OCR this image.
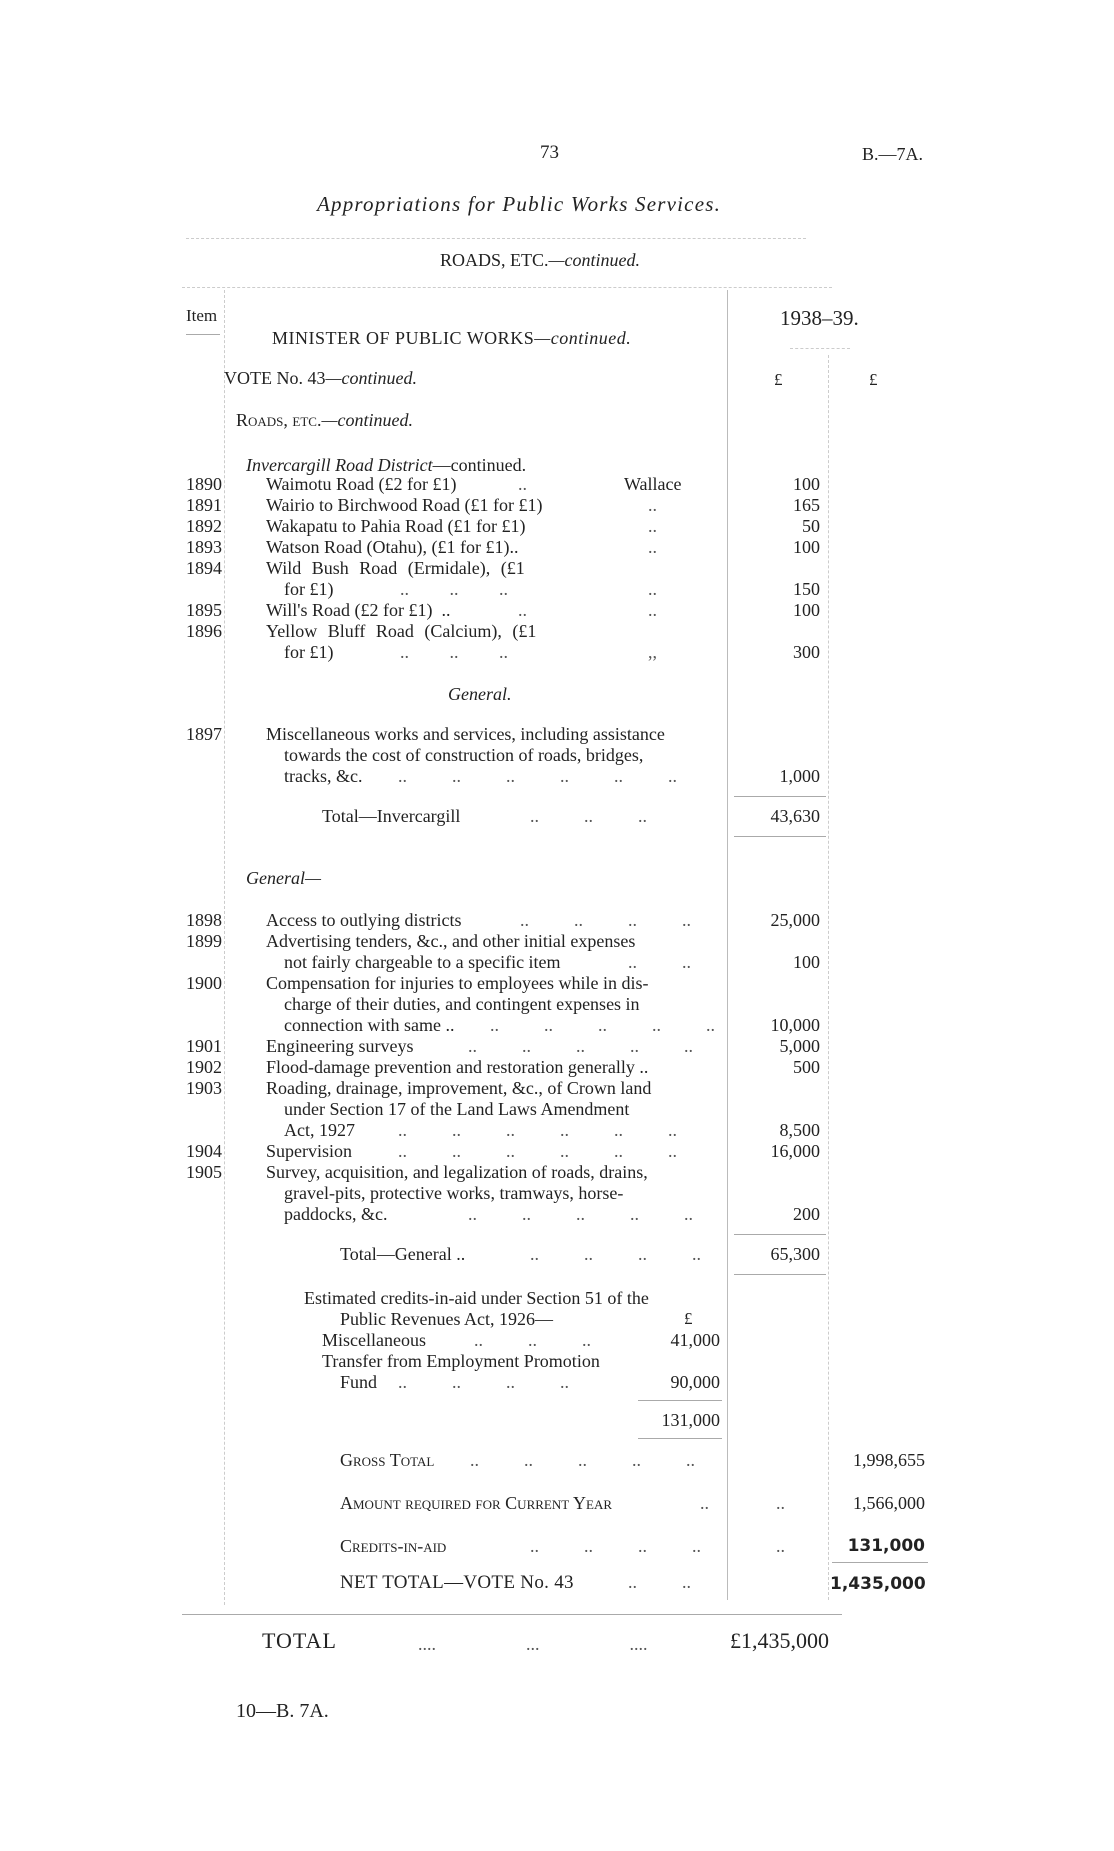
73	B.—7A.
Appropriations for Public Works Services.
ROADS, ETC.—continued.
Item	1938–39.
£	£
MINISTER OF PUBLIC WORKS—continued.
VOTE No. 43—continued.
Roads, etc.—continued.
Invercargill Road District—continued.
1890 Waimotu Road (£2 for £1)	..	Wallace	100
1891 Wairio to Birchwood Road (£1 for £1)	..	165
1892 Wakapatu to Pahia Road (£1 for £1)	..	50
1893 Watson Road (Otahu), (£1 for £1)..	..	100
1894 Wild Bush Road (Ermidale), (£1
for £1)	..         ..         ..	..	150
1895 Will's Road (£2 for £1)  ..	..	..	100
1896 Yellow Bluff Road (Calcium), (£1
for £1)	..         ..         ..	,,	300
General.
1897 Miscellaneous works and services, including assistance
towards the cost of construction of roads, bridges,
tracks, &c. ..          ..          ..          ..          ..          ..	1,000
Total—Invercargill	..          ..          ..	43,630
General—
1898 Access to outlying districts	..          ..          ..          ..	25,000
1899 Advertising tenders, &c., and other initial expenses
not fairly chargeable to a specific item	..          ..	100
1900 Compensation for injuries to employees while in dis-
charge of their duties, and contingent expenses in
connection with same .. ..          ..          ..          ..          ..	10,000
1901 Engineering surveys	..          ..          ..          ..          ..	5,000
1902 Flood-damage prevention and restoration generally ..	500
1903 Roading, drainage, improvement, &c., of Crown land
under Section 17 of the Land Laws Amendment
Act, 1927 ..          ..          ..          ..          ..          ..	8,500
1904 Supervision	..          ..          ..          ..          ..          ..	16,000
1905 Survey, acquisition, and legalization of roads, drains,
gravel-pits, protective works, tramways, horse-
paddocks, &c.	..          ..          ..          ..          ..	200
Total—General ..	..          ..          ..          ..	65,300
Estimated credits-in-aid under Section 51 of the
Public Revenues Act, 1926—	£
Miscellaneous	..          ..          ..	41,000
Transfer from Employment Promotion
Fund ..          ..          ..          ..	90,000
131,000
Gross Total ..          ..          ..          ..          ..	1,998,655
Amount required for Current Year	..	..	1,566,000
Credits-in-aid	..          ..          ..          ..	..	131,000
NET TOTAL—VOTE No. 43	..          ..	1,435,000
TOTAL	....                    ...                    ....	£1,435,000
10—B. 7A.
